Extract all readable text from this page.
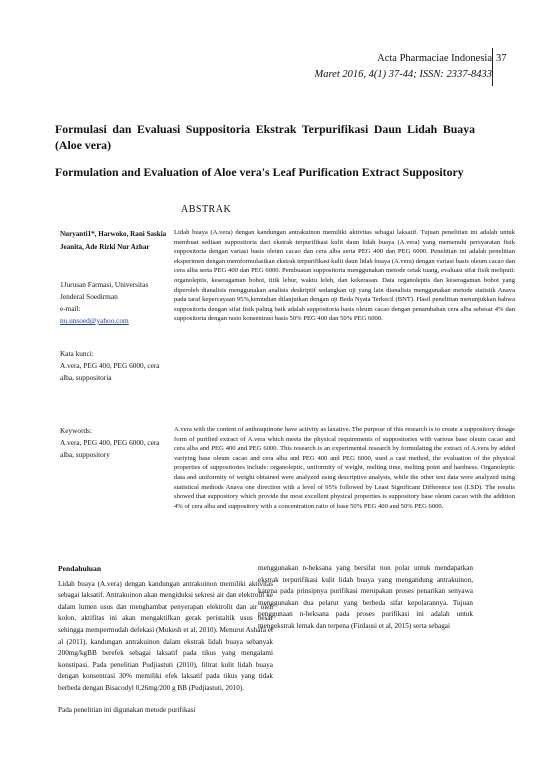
Acta Pharmaciae Indonesia
Maret 2016, 4(1) 37-44; ISSN: 2337-8433
37
Formulasi dan Evaluasi Suppositoria Ekstrak Terpurifikasi Daun Lidah Buaya (Aloe vera)
Formulation and Evaluation of Aloe vera's Leaf Purification Extract Suppository
ABSTRAK
Nuryanti1*, Harwoko, Rani Saskia Jeanita, Ade Rizki Nur Azhar
1Jurusan Farmasi, Universitas Jenderal Soedirman
e-mail:
nu.unsoed@yahoo.com
Kata kunci:
A.vera, PEG 400, PEG 6000, cera alba, suppositoria
Keywords:
A.vera, PEG 400, PEG 6000, cera alba, suppository
Lidah buaya (A.vera) dengan kandungan antrakuinon memiliki aktivitas sebagai laksatif. Tujuan penelitian ini adalah untuk membuat sediaan suppositoria dari ekstrak terpurifikasi kulit daun lidah buaya (A.vera) yang memenuhi persyaratan fisik suppositoria dengan variasi basis oleum cacao dan cera alba serta PEG 400 dan PEG 6000. Penelitian ini adalah penelitian eksperimen dengan memformulasikan ekstrak terpurifikasi kulit daun lidah buaya (A.vera) dengan variasi basis oleum cacao dan cera alba serta PEG 400 dan PEG 6000. Pembuatan suppositoria menggunakan metode cetak tuang, evaluasi sifat fisik meliputi: organoleptis, keseragaman bobot, titik lebur, waktu leleh, dan kekerasan. Data organoleptis dan keseragaman bobot yang diperoleh dianalisis menggunakan analisis deskriptif sedangkan uji yang lain dianalisis menggunakan metode statistik Anava pada taraf kepercayaan 95%,kemudian dilanjutkan dengan uji Beda Nyata Terkecil (BNT). Hasil penelitian menunjukkan bahwa suppositoria dengan sifat fisik paling baik adalah suppositoria basis oleum cacao dengan penambahan cera alba sebesar 4% dan suppositoria dengan rasio konsentrasi basis 50% PEG 400 dan 50% PEG 6000.
A.vera with the content of anthraquinone have activity as laxative. The purpose of this research is to create a suppository dosage form of purified extract of A.vera which meets the physical requirements of suppositories with various base oleum cacao and cera alba and PEG 400 and PEG 6000. This research is an experimental research by formulating the extract of A.vera by added variying base oleum cacao and cera alba and PEG 400 and PEG 6000, used a cast method, the evaluation of the physical properties of suppositories include: organoleptic, uniformity of weight, melting time, melting point and hardness. Organoleptic data and uniformity of weight obtained were analyzed using descriptive analysis, while the other test data were analyzed using statistical methods Anava one direction with a level of 95% followed by Least Significant Difference test (LSD). The results showed that suppository which provide the most excellent physical properties is suppository base oleum cacao with the addition 4% of cera alba and suppository with a concentration ratio of base 50% PEG 400 and 50% PEG 6000.
Pendahuluan

Lidah buaya (A.vera) dengan kandungan antrakuinon memiliki aktivitas sebagai laksatif. Antrakuinon akan mengiduksi sekresi air dan elektrolit ke dalam lumen usus dan menghambat penyerapan elektrolit dan air oleh kolon, aktifitas ini akan mengaktifkan gerak peristaltik usus besar sehingga mempermudah defekasi (Mukesh et al, 2010). Menurut Ashafa et al (2011), kandungan antrakuinon dalam ekstrak lidah buaya sebanyak 200mg/kgBB berefek sebagai laksatif pada tikus yang mengalami konstipasi. Pada penelitian Pudjiastuti (2010), filtrat kulit lidah buaya dengan konsentrasi 30% memiliki efek laksatif pada tikus yang tidak berbeda dengan Bisacodyl 0,26mg/200 g BB (Pudjiastuti, 2010).

Pada penelitian ini digunakan metode purifikasi

menggunakan n-heksana yang bersifat non polar untuk mendapatkan ekstrak terpurifikasi kulit lidah buaya yang mengandung antrakuinon, karena pada prinsipnya purifikasi merupakan proses penarikan senyawa menggunakan dua pelarut yang berbeda sifat kepolarannya. Tujuan penggunaan n-heksana pada proses purifikasi ini adalah untuk mengekstrak lemak dan terpena (Firdausi et al, 2015) serta sebagai
